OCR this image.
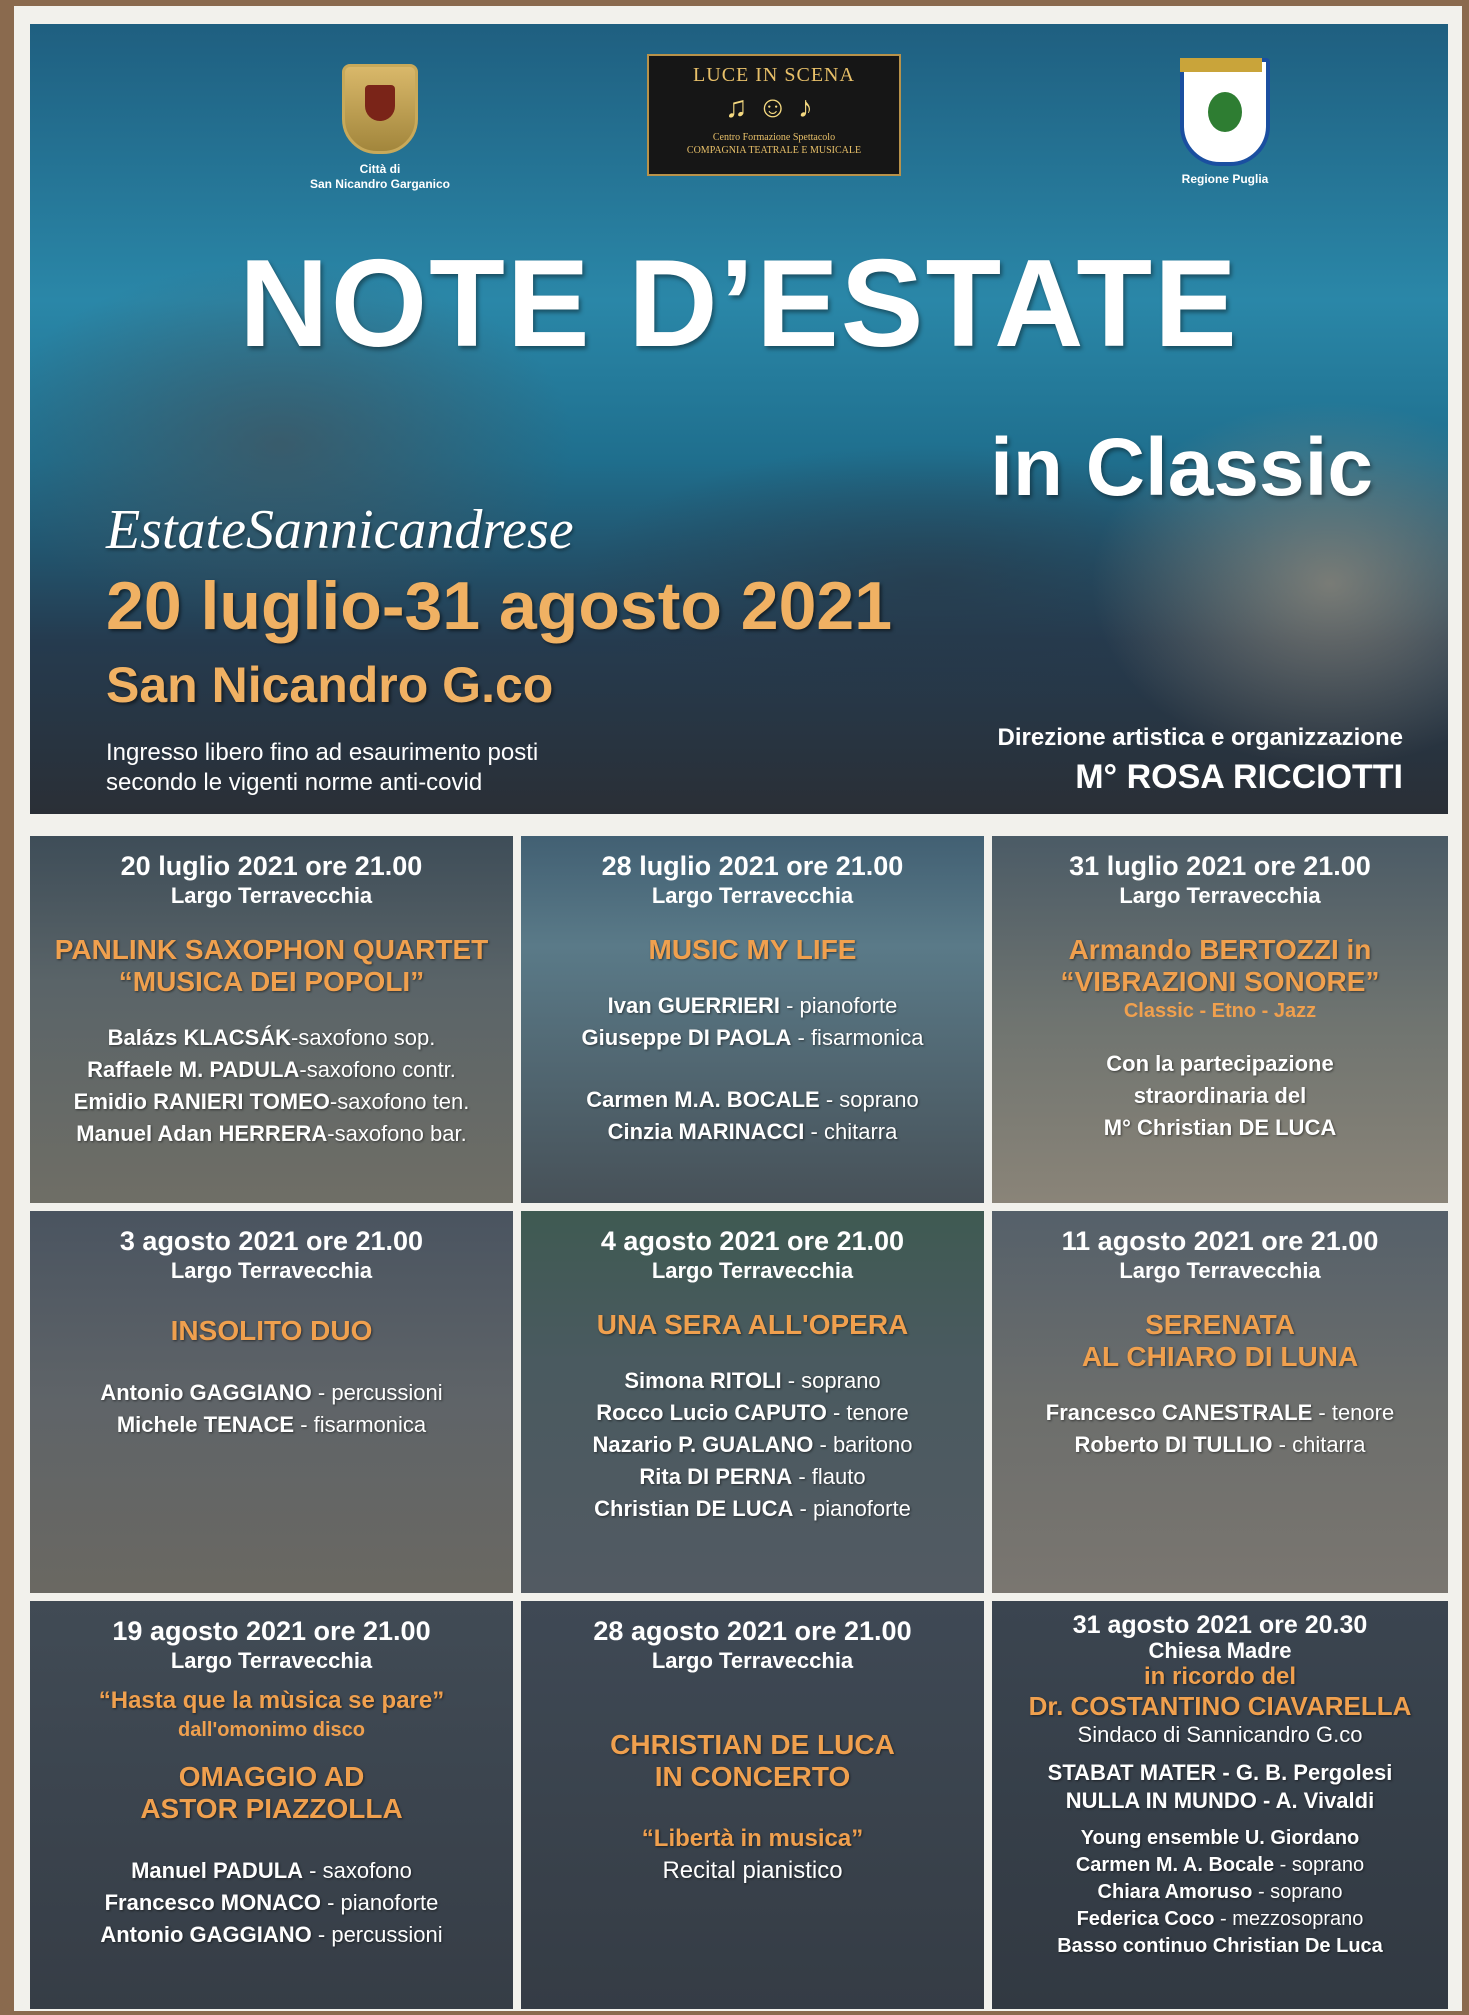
Città di
San Nicandro Garganico
LUCE IN SCENA
♫☺♪
Centro Formazione Spettacolo
COMPAGNIA TEATRALE E MUSICALE
Regione Puglia
NOTE D’ESTATE
in Classic
EstateSannicandrese
20 luglio-31 agosto 2021
San Nicandro G.co
Ingresso libero fino ad esaurimento posti
secondo le vigenti norme anti-covid
Direzione artistica e organizzazione
M° ROSA RICCIOTTI
20 luglio 2021 ore 21.00
Largo Terravecchia
PANLINK SAXOPHON QUARTET
“MUSICA DEI POPOLI”
Balázs KLACSÁK-saxofono sop.
Raffaele M. PADULA-saxofono contr.
Emidio RANIERI TOMEO-saxofono ten.
Manuel Adan HERRERA-saxofono bar.
28 luglio 2021 ore 21.00
Largo Terravecchia
MUSIC MY LIFE
Ivan GUERRIERI - pianoforte
Giuseppe DI PAOLA - fisarmonica
Carmen M.A. BOCALE - soprano
Cinzia MARINACCI - chitarra
31 luglio 2021 ore 21.00
Largo Terravecchia
Armando BERTOZZI in
“VIBRAZIONI SONORE”
Classic - Etno - Jazz
Con la partecipazione
straordinaria del
M° Christian DE LUCA
3 agosto 2021 ore 21.00
Largo Terravecchia
INSOLITO DUO
Antonio GAGGIANO - percussioni
Michele TENACE - fisarmonica
4 agosto 2021 ore 21.00
Largo Terravecchia
UNA SERA ALL'OPERA
Simona RITOLI - soprano
Rocco Lucio CAPUTO - tenore
Nazario P. GUALANO - baritono
Rita DI PERNA - flauto
Christian DE LUCA - pianoforte
11 agosto 2021 ore 21.00
Largo Terravecchia
SERENATA
AL CHIARO DI LUNA
Francesco CANESTRALE - tenore
Roberto DI TULLIO - chitarra
19 agosto 2021 ore 21.00
Largo Terravecchia
“Hasta que la mùsica se pare”
dall'omonimo disco
OMAGGIO AD
ASTOR PIAZZOLLA
Manuel PADULA - saxofono
Francesco MONACO - pianoforte
Antonio GAGGIANO - percussioni
28 agosto 2021 ore 21.00
Largo Terravecchia
CHRISTIAN DE LUCA
IN CONCERTO
“Libertà in musica”
Recital pianistico
31 agosto 2021 ore 20.30
Chiesa Madre
in ricordo del
Dr. COSTANTINO CIAVARELLA
Sindaco di Sannicandro G.co
STABAT MATER - G. B. Pergolesi
NULLA IN MUNDO - A. Vivaldi
Young ensemble U. Giordano
Carmen M. A. Bocale - soprano
Chiara Amoruso - soprano
Federica Coco - mezzosoprano
Basso continuo Christian De Luca
